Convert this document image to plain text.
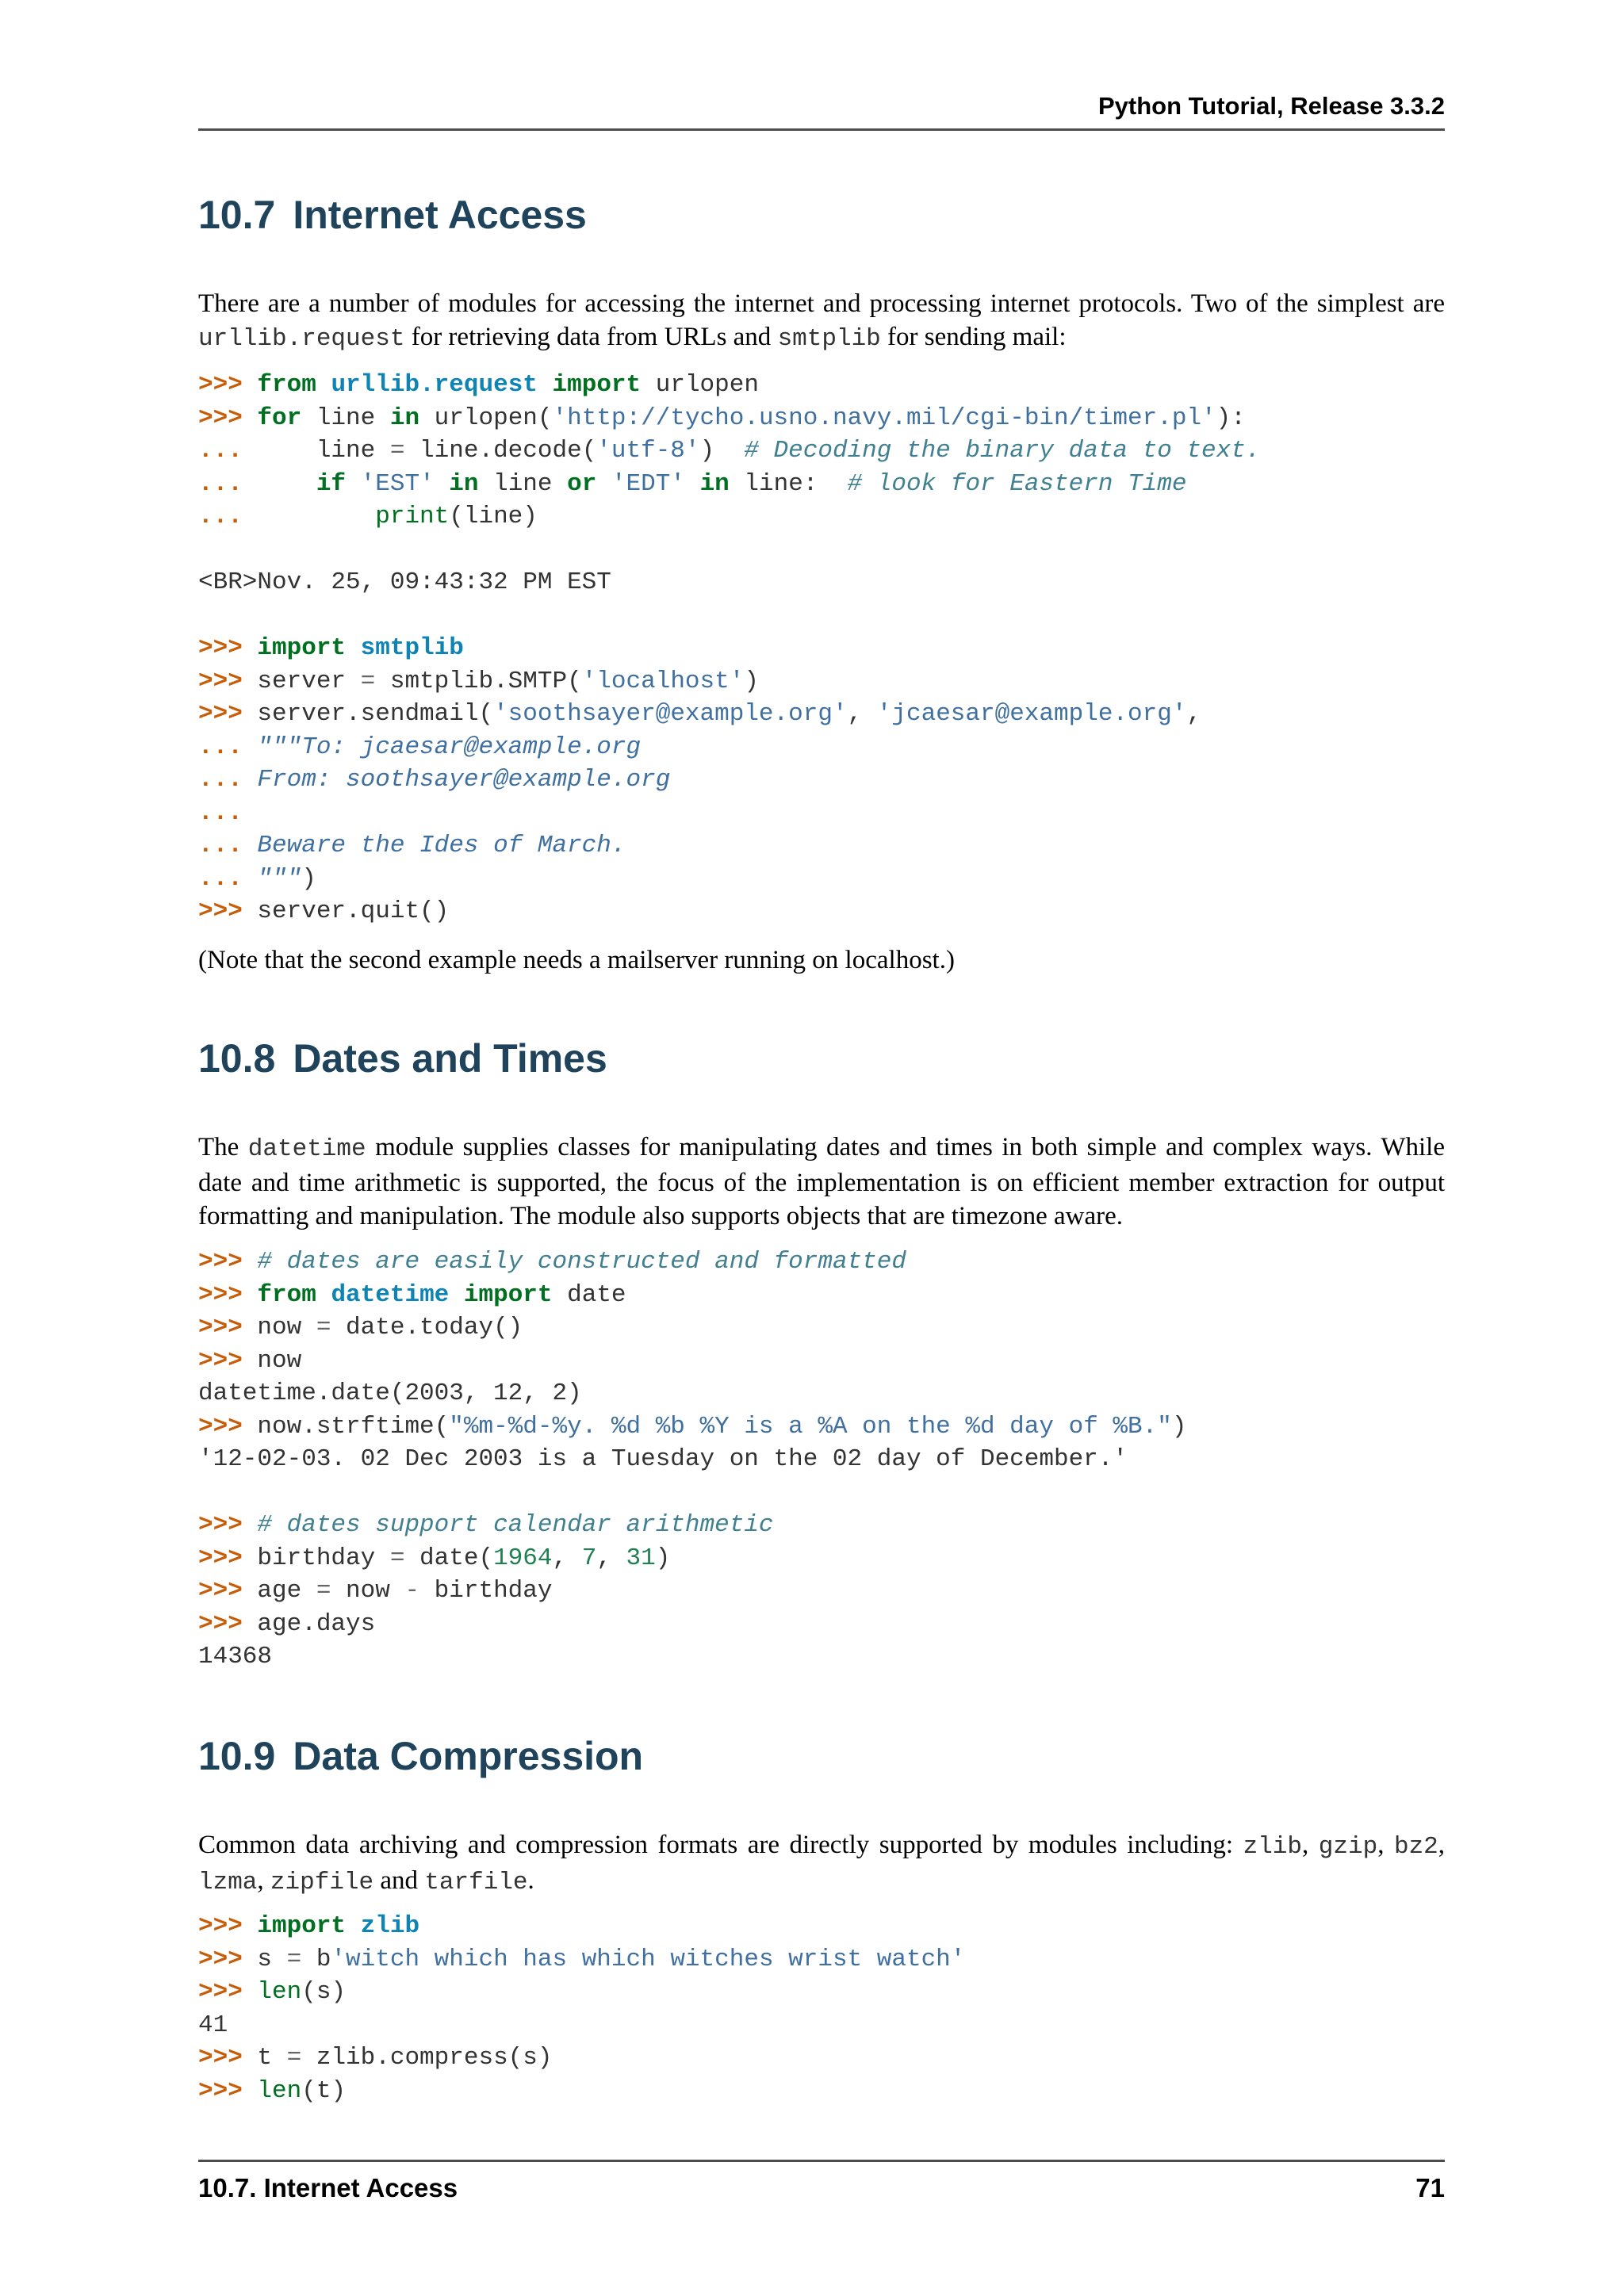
Python Tutorial, Release 3.3.2
10.7 Internet Access

There are a number of modules for accessing the internet and processing internet protocols. Two of the simplest are urllib.request for retrieving data from URLs and smtplib for sending mail:

>>> from urllib.request import urlopen
>>> for line in urlopen('http://tycho.usno.navy.mil/cgi-bin/timer.pl'):
...     line = line.decode('utf-8')  # Decoding the binary data to text.
...	if 'EST' in line or 'EDT' in line:  # look for Eastern Time
...	print(line)

<BR>Nov. 25, 09:43:32 PM EST
>>> import smtplib
>>> server = smtplib.SMTP('localhost')
>>> server.sendmail('soothsayer@example.org', 'jcaesar@example.org',
... """To: jcaesar@example.org
... From: soothsayer@example.org
...
... Beware the Ides of March.
... """)
>>> server.quit()

(Note that the second example needs a mailserver running on localhost.)

10.8 Dates and Times

The datetime module supplies classes for manipulating dates and times in both simple and complex ways. While date and time arithmetic is supported, the focus of the implementation is on efficient member extraction for output formatting and manipulation. The module also supports objects that are timezone aware.

>>> # dates are easily constructed and formatted
>>> from datetime import date
>>> now = date.today()
>>> now
datetime.date(2003, 12, 2)
>>> now.strftime("%m-%d-%y. %d %b %Y is a %A on the %d day of %B.")
'12-02-03. 02 Dec 2003 is a Tuesday on the 02 day of December.'

>>> # dates support calendar arithmetic
>>> birthday = date(1964, 7, 31)
>>> age = now - birthday
>>> age.days
14368
10.9 Data Compression

Common data archiving and compression formats are directly supported by modules including: zlib, gzip, bz2, lzma, zipfile and tarfile.

>>> import zlib
>>> s = b'witch which has which witches wrist watch'
>>> len(s)
41
>>> t = zlib.compress(s)
>>> len(t)
10.7. Internet Access	71
